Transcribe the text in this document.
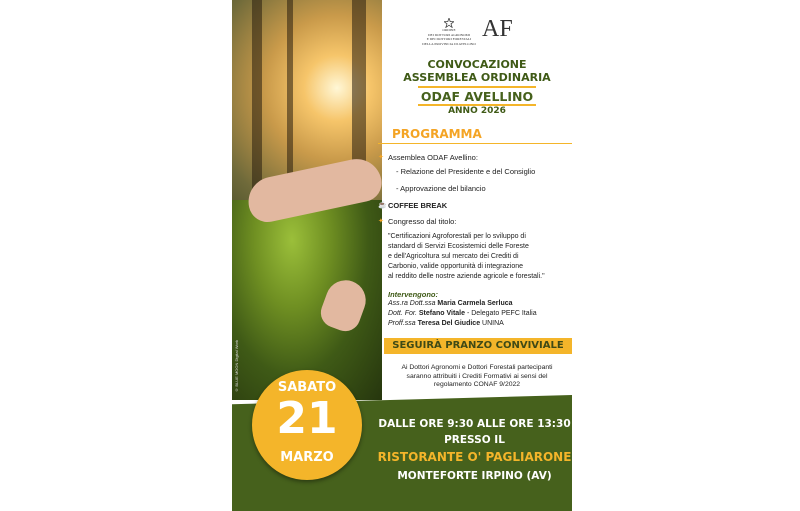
© BLUE MOON Digital Work
ORDINE
DEI DOTTORI AGRONOMI
E DEI DOTTORI FORESTALI
DELLA PROVINCIA DI AVELLINO
AF
CONVOCAZIONE
ASSEMBLEA ORDINARIA
ODAF AVELLINO
ANNO 2026
PROGRAMMA
✦ Assemblea ODAF Avellino:
- Relazione del Presidente e del Consiglio
- Approvazione del bilancio
☕ COFFEE BREAK
✦ Congresso dal titolo:
"Certificazioni Agroforestali per lo sviluppo di
standard di Servizi Ecosistemici delle Foreste
e dell'Agricoltura sul mercato dei Crediti di
Carbonio, valide opportunità di integrazione
al reddito delle nostre aziende agricole e forestali."
Intervengono:
Ass.ra Dott.ssa Maria Carmela Serluca
Dott. For. Stefano Vitale - Delegato PEFC Italia
Proff.ssa Teresa Del Giudice UNINA
SEGUIRÀ PRANZO CONVIVIALE
Ai Dottori Agronomi e Dottori Forestali partecipanti
saranno attribuiti i Crediti Formativi ai sensi del
regolamento CONAF 9/2022
SABATO
21
MARZO
DALLE ORE 9:30 ALLE ORE 13:30
PRESSO IL
RISTORANTE O' PAGLIARONE
MONTEFORTE IRPINO (AV)
